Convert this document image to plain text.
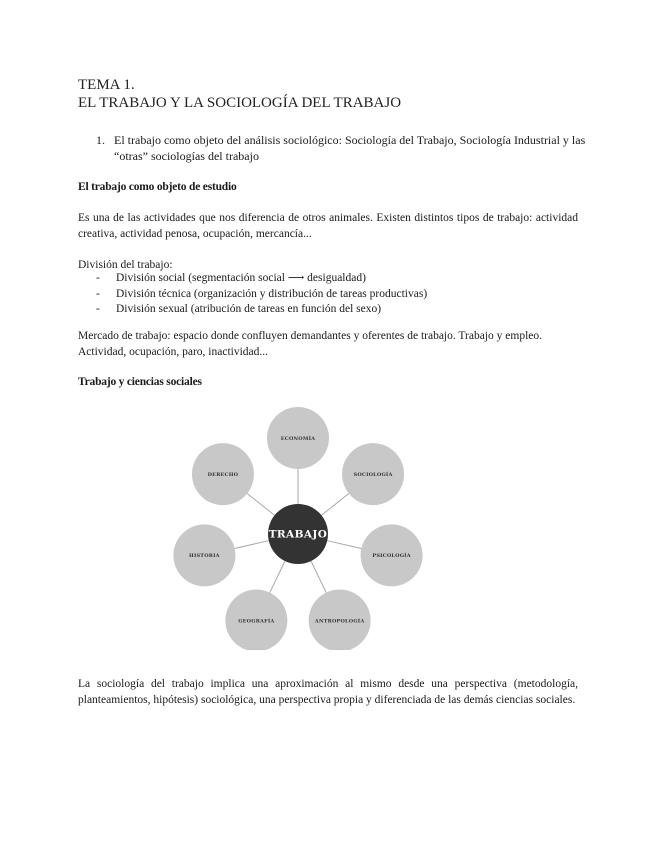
TEMA 1.
EL TRABAJO Y LA SOCIOLOGÍA DEL TRABAJO
1. El trabajo como objeto del análisis sociológico: Sociología del Trabajo, Sociología Industrial y las “otras” sociologías del trabajo
El trabajo como objeto de estudio
Es una de las actividades que nos diferencia de otros animales. Existen distintos tipos de trabajo: actividad creativa, actividad penosa, ocupación, mercancía...
División del trabajo:
- División social (segmentación social ⟶ desigualdad)
- División técnica (organización y distribución de tareas productivas)
- División sexual (atribución de tareas en función del sexo)
Mercado de trabajo: espacio donde confluyen demandantes y oferentes de trabajo. Trabajo y empleo. Actividad, ocupación, paro, inactividad...
Trabajo y ciencias sociales
ECONOMÍA
SOCIOLOGÍA
PSICOLOGÍA
ANTROPOLOGÍA
GEOGRAFÍA
HISTORIA
DERECHO
TRABAJO
La sociología del trabajo implica una aproximación al mismo desde una perspectiva (metodología, planteamientos, hipótesis) sociológica, una perspectiva propia y diferenciada de las demás ciencias sociales.
